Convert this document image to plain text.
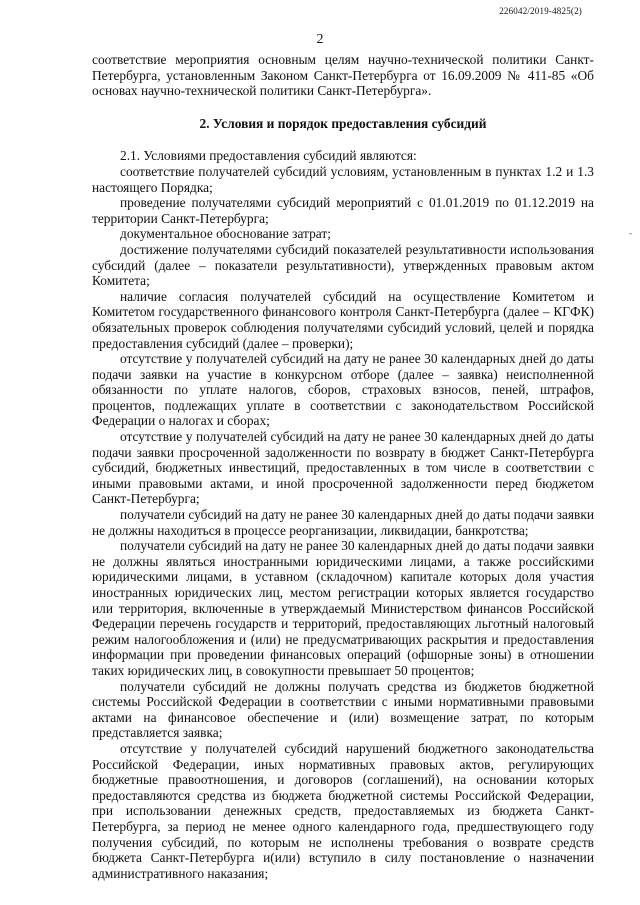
226042/2019-4825(2)
2
-

соответствие мероприятия основным целям научно-технической политики Санкт-Петербурга, установленным Законом Санкт-Петербурга от 16.09.2009 № 411-85 «Об основах научно-технической политики Санкт-Петербурга».

2. Условия и порядок предоставления субсидий

2.1. Условиями предоставления субсидий являются:

соответствие получателей субсидий условиям, установленным в пунктах 1.2 и 1.3 настоящего Порядка;

проведение получателями субсидий мероприятий с 01.01.2019 по 01.12.2019 на территории Санкт-Петербурга;

документальное обоснование затрат;

достижение получателями субсидий показателей результативности использования субсидий (далее – показатели результативности), утвержденных правовым актом Комитета;

наличие согласия получателей субсидий на осуществление Комитетом и Комитетом государственного финансового контроля Санкт-Петербурга (далее – КГФК) обязательных проверок соблюдения получателями субсидий условий, целей и порядка предоставления субсидий (далее – проверки);

отсутствие у получателей субсидий на дату не ранее 30 календарных дней до даты подачи заявки на участие в конкурсном отборе (далее – заявка) неисполненной обязанности по уплате налогов, сборов, страховых взносов, пеней, штрафов, процентов, подлежащих уплате в соответствии с законодательством Российской Федерации о налогах и сборах;

отсутствие у получателей субсидий на дату не ранее 30 календарных дней до даты подачи заявки просроченной задолженности по возврату в бюджет Санкт-Петербурга субсидий, бюджетных инвестиций, предоставленных в том числе в соответствии с иными правовыми актами, и иной просроченной задолженности перед бюджетом Санкт-Петербурга;

получатели субсидий на дату не ранее 30 календарных дней до даты подачи заявки не должны находиться в процессе реорганизации, ликвидации, банкротства;

получатели субсидий на дату не ранее 30 календарных дней до даты подачи заявки не должны являться иностранными юридическими лицами, а также российскими юридическими лицами, в уставном (складочном) капитале которых доля участия иностранных юридических лиц, местом регистрации которых является государство или территория, включенные в утверждаемый Министерством финансов Российской Федерации перечень государств и территорий, предоставляющих льготный налоговый режим налогообложения и (или) не предусматривающих раскрытия и предоставления информации при проведении финансовых операций (офшорные зоны) в отношении таких юридических лиц, в совокупности превышает 50 процентов;

получатели субсидий не должны получать средства из бюджетов бюджетной системы Российской Федерации в соответствии с иными нормативными правовыми актами на финансовое обеспечение и (или) возмещение затрат, по которым представляется заявка;

отсутствие у получателей субсидий нарушений бюджетного законодательства Российской Федерации, иных нормативных правовых актов, регулирующих бюджетные правоотношения, и договоров (соглашений), на основании которых предоставляются средства из бюджета бюджетной системы Российской Федерации, при использовании денежных средств, предоставляемых из бюджета Санкт-Петербурга, за период не менее одного календарного года, предшествующего году получения субсидий, по которым не исполнены требования о возврате средств бюджета Санкт-Петербурга и(или) вступило в силу постановление о назначении административного наказания;
